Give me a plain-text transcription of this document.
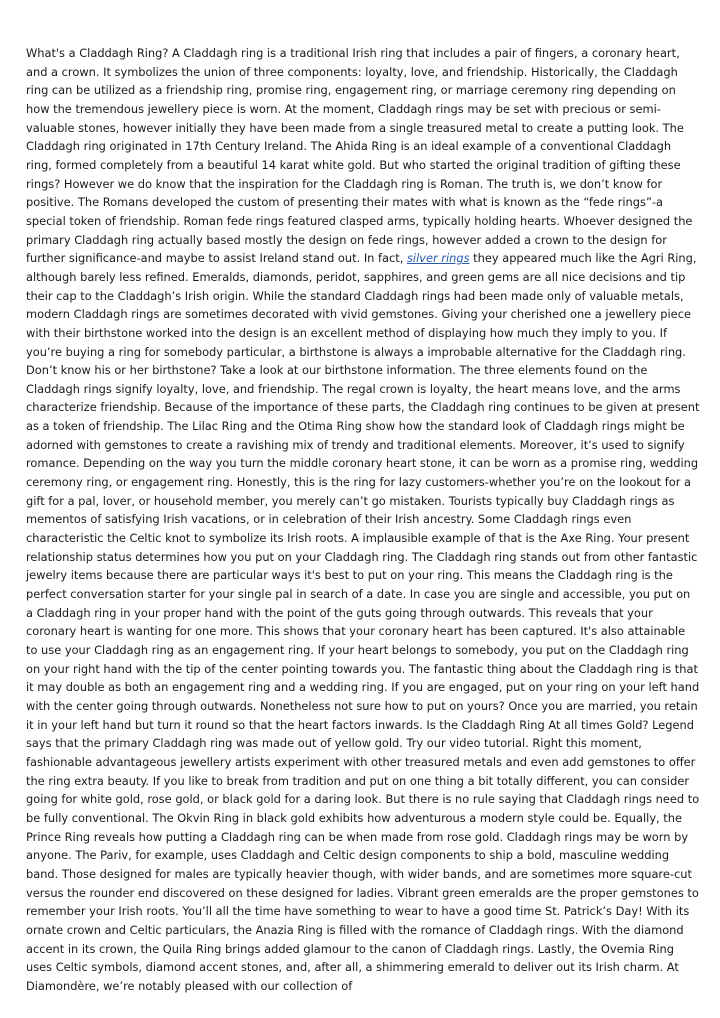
What's a Claddagh Ring? A Claddagh ring is a traditional Irish ring that includes a pair of fingers, a coronary heart, and a crown. It symbolizes the union of three components: loyalty, love, and friendship. Historically, the Claddagh ring can be utilized as a friendship ring, promise ring, engagement ring, or marriage ceremony ring depending on how the tremendous jewellery piece is worn. At the moment, Claddagh rings may be set with precious or semi-valuable stones, however initially they have been made from a single treasured metal to create a putting look. The Claddagh ring originated in 17th Century Ireland. The Ahida Ring is an ideal example of a conventional Claddagh ring, formed completely from a beautiful 14 karat white gold. But who started the original tradition of gifting these rings? However we do know that the inspiration for the Claddagh ring is Roman. The truth is, we don’t know for positive. The Romans developed the custom of presenting their mates with what is known as the “fede rings”-a special token of friendship. Roman fede rings featured clasped arms, typically holding hearts. Whoever designed the primary Claddagh ring actually based mostly the design on fede rings, however added a crown to the design for further significance-and maybe to assist Ireland stand out. In fact, silver rings they appeared much like the Agri Ring, although barely less refined. Emeralds, diamonds, peridot, sapphires, and green gems are all nice decisions and tip their cap to the Claddagh’s Irish origin. While the standard Claddagh rings had been made only of valuable metals, modern Claddagh rings are sometimes decorated with vivid gemstones. Giving your cherished one a jewellery piece with their birthstone worked into the design is an excellent method of displaying how much they imply to you. If you’re buying a ring for somebody particular, a birthstone is always a improbable alternative for the Claddagh ring. Don’t know his or her birthstone? Take a look at our birthstone information. The three elements found on the Claddagh rings signify loyalty, love, and friendship. The regal crown is loyalty, the heart means love, and the arms characterize friendship. Because of the importance of these parts, the Claddagh ring continues to be given at present as a token of friendship. The Lilac Ring and the Otima Ring show how the standard look of Claddagh rings might be adorned with gemstones to create a ravishing mix of trendy and traditional elements. Moreover, it’s used to signify romance. Depending on the way you turn the middle coronary heart stone, it can be worn as a promise ring, wedding ceremony ring, or engagement ring. Honestly, this is the ring for lazy customers-whether you’re on the lookout for a gift for a pal, lover, or household member, you merely can’t go mistaken. Tourists typically buy Claddagh rings as mementos of satisfying Irish vacations, or in celebration of their Irish ancestry. Some Claddagh rings even characteristic the Celtic knot to symbolize its Irish roots. A implausible example of that is the Axe Ring. Your present relationship status determines how you put on your Claddagh ring. The Claddagh ring stands out from other fantastic jewelry items because there are particular ways it's best to put on your ring. This means the Claddagh ring is the perfect conversation starter for your single pal in search of a date. In case you are single and accessible, you put on a Claddagh ring in your proper hand with the point of the guts going through outwards. This reveals that your coronary heart is wanting for one more. This shows that your coronary heart has been captured. It's also attainable to use your Claddagh ring as an engagement ring. If your heart belongs to somebody, you put on the Claddagh ring on your right hand with the tip of the center pointing towards you. The fantastic thing about the Claddagh ring is that it may double as both an engagement ring and a wedding ring. If you are engaged, put on your ring on your left hand with the center going through outwards. Nonetheless not sure how to put on yours? Once you are married, you retain it in your left hand but turn it round so that the heart factors inwards. Is the Claddagh Ring At all times Gold? Legend says that the primary Claddagh ring was made out of yellow gold. Try our video tutorial. Right this moment, fashionable advantageous jewellery artists experiment with other treasured metals and even add gemstones to offer the ring extra beauty. If you like to break from tradition and put on one thing a bit totally different, you can consider going for white gold, rose gold, or black gold for a daring look. But there is no rule saying that Claddagh rings need to be fully conventional. The Okvin Ring in black gold exhibits how adventurous a modern style could be. Equally, the Prince Ring reveals how putting a Claddagh ring can be when made from rose gold. Claddagh rings may be worn by anyone. The Pariv, for example, uses Claddagh and Celtic design components to ship a bold, masculine wedding band. Those designed for males are typically heavier though, with wider bands, and are sometimes more square-cut versus the rounder end discovered on these designed for ladies. Vibrant green emeralds are the proper gemstones to remember your Irish roots. You’ll all the time have something to wear to have a good time St. Patrick’s Day! With its ornate crown and Celtic particulars, the Anazia Ring is filled with the romance of Claddagh rings. With the diamond accent in its crown, the Quila Ring brings added glamour to the canon of Claddagh rings. Lastly, the Ovemia Ring uses Celtic symbols, diamond accent stones, and, after all, a shimmering emerald to deliver out its Irish charm. At Diamondère, we’re notably pleased with our collection of
